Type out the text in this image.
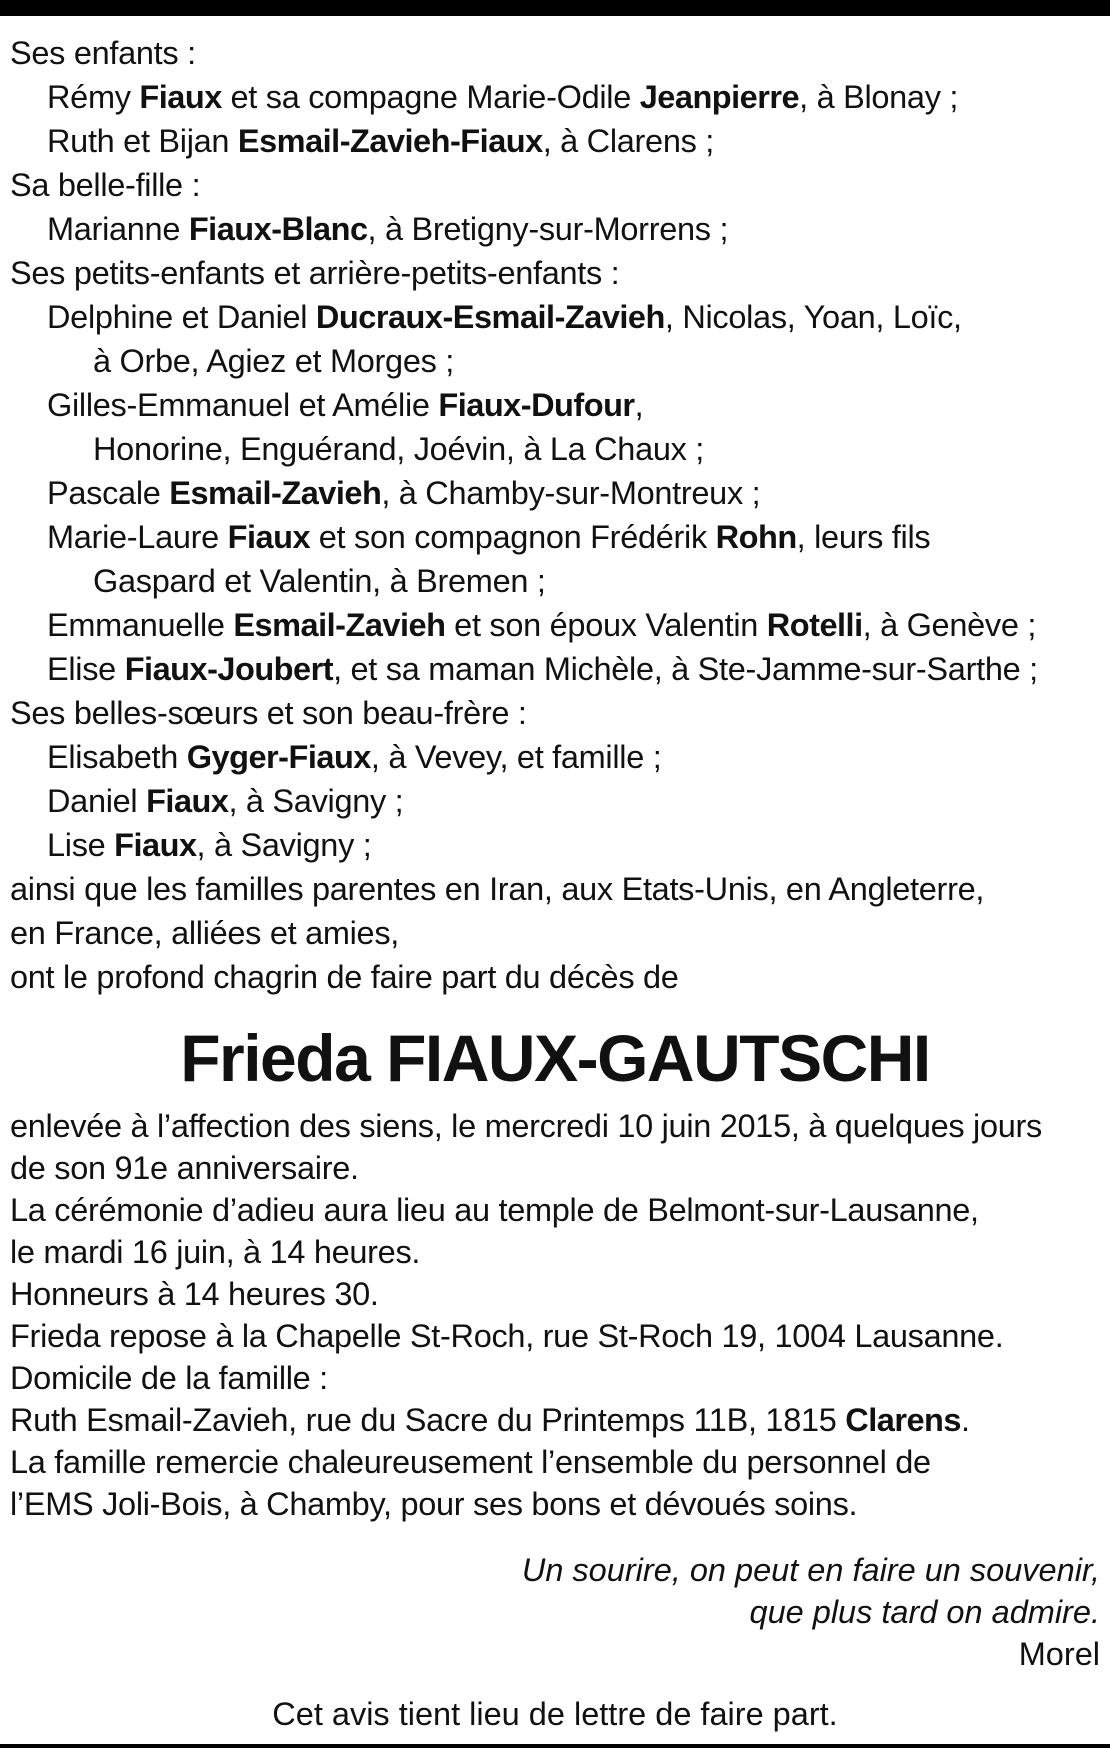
Ses enfants :
Rémy Fiaux et sa compagne Marie-Odile Jeanpierre, à Blonay ;
Ruth et Bijan Esmail-Zavieh-Fiaux, à Clarens ;
Sa belle-fille :
Marianne Fiaux-Blanc, à Bretigny-sur-Morrens ;
Ses petits-enfants et arrière-petits-enfants :
Delphine et Daniel Ducraux-Esmail-Zavieh, Nicolas, Yoan, Loïc,
à Orbe, Agiez et Morges ;
Gilles-Emmanuel et Amélie Fiaux-Dufour,
Honorine, Enguérand, Joévin, à La Chaux ;
Pascale Esmail-Zavieh, à Chamby-sur-Montreux ;
Marie-Laure Fiaux et son compagnon Frédérik Rohn, leurs fils
Gaspard et Valentin, à Bremen ;
Emmanuelle Esmail-Zavieh et son époux Valentin Rotelli, à Genève ;
Elise Fiaux-Joubert, et sa maman Michèle, à Ste-Jamme-sur-Sarthe ;
Ses belles-sœurs et son beau-frère :
Elisabeth Gyger-Fiaux, à Vevey, et famille ;
Daniel Fiaux, à Savigny ;
Lise Fiaux, à Savigny ;
ainsi que les familles parentes en Iran, aux Etats-Unis, en Angleterre,
en France, alliées et amies,
ont le profond chagrin de faire part du décès de
Frieda FIAUX-GAUTSCHI
enlevée à l’affection des siens, le mercredi 10 juin 2015, à quelques jours
de son 91e anniversaire.
La cérémonie d’adieu aura lieu au temple de Belmont-sur-Lausanne,
le mardi 16 juin, à 14 heures.
Honneurs à 14 heures 30.
Frieda repose à la Chapelle St-Roch, rue St-Roch 19, 1004 Lausanne.
Domicile de la famille :
Ruth Esmail-Zavieh, rue du Sacre du Printemps 11B, 1815 Clarens.
La famille remercie chaleureusement l’ensemble du personnel de
l’EMS Joli-Bois, à Chamby, pour ses bons et dévoués soins.
Un sourire, on peut en faire un souvenir,
que plus tard on admire.
Morel
Cet avis tient lieu de lettre de faire part.
